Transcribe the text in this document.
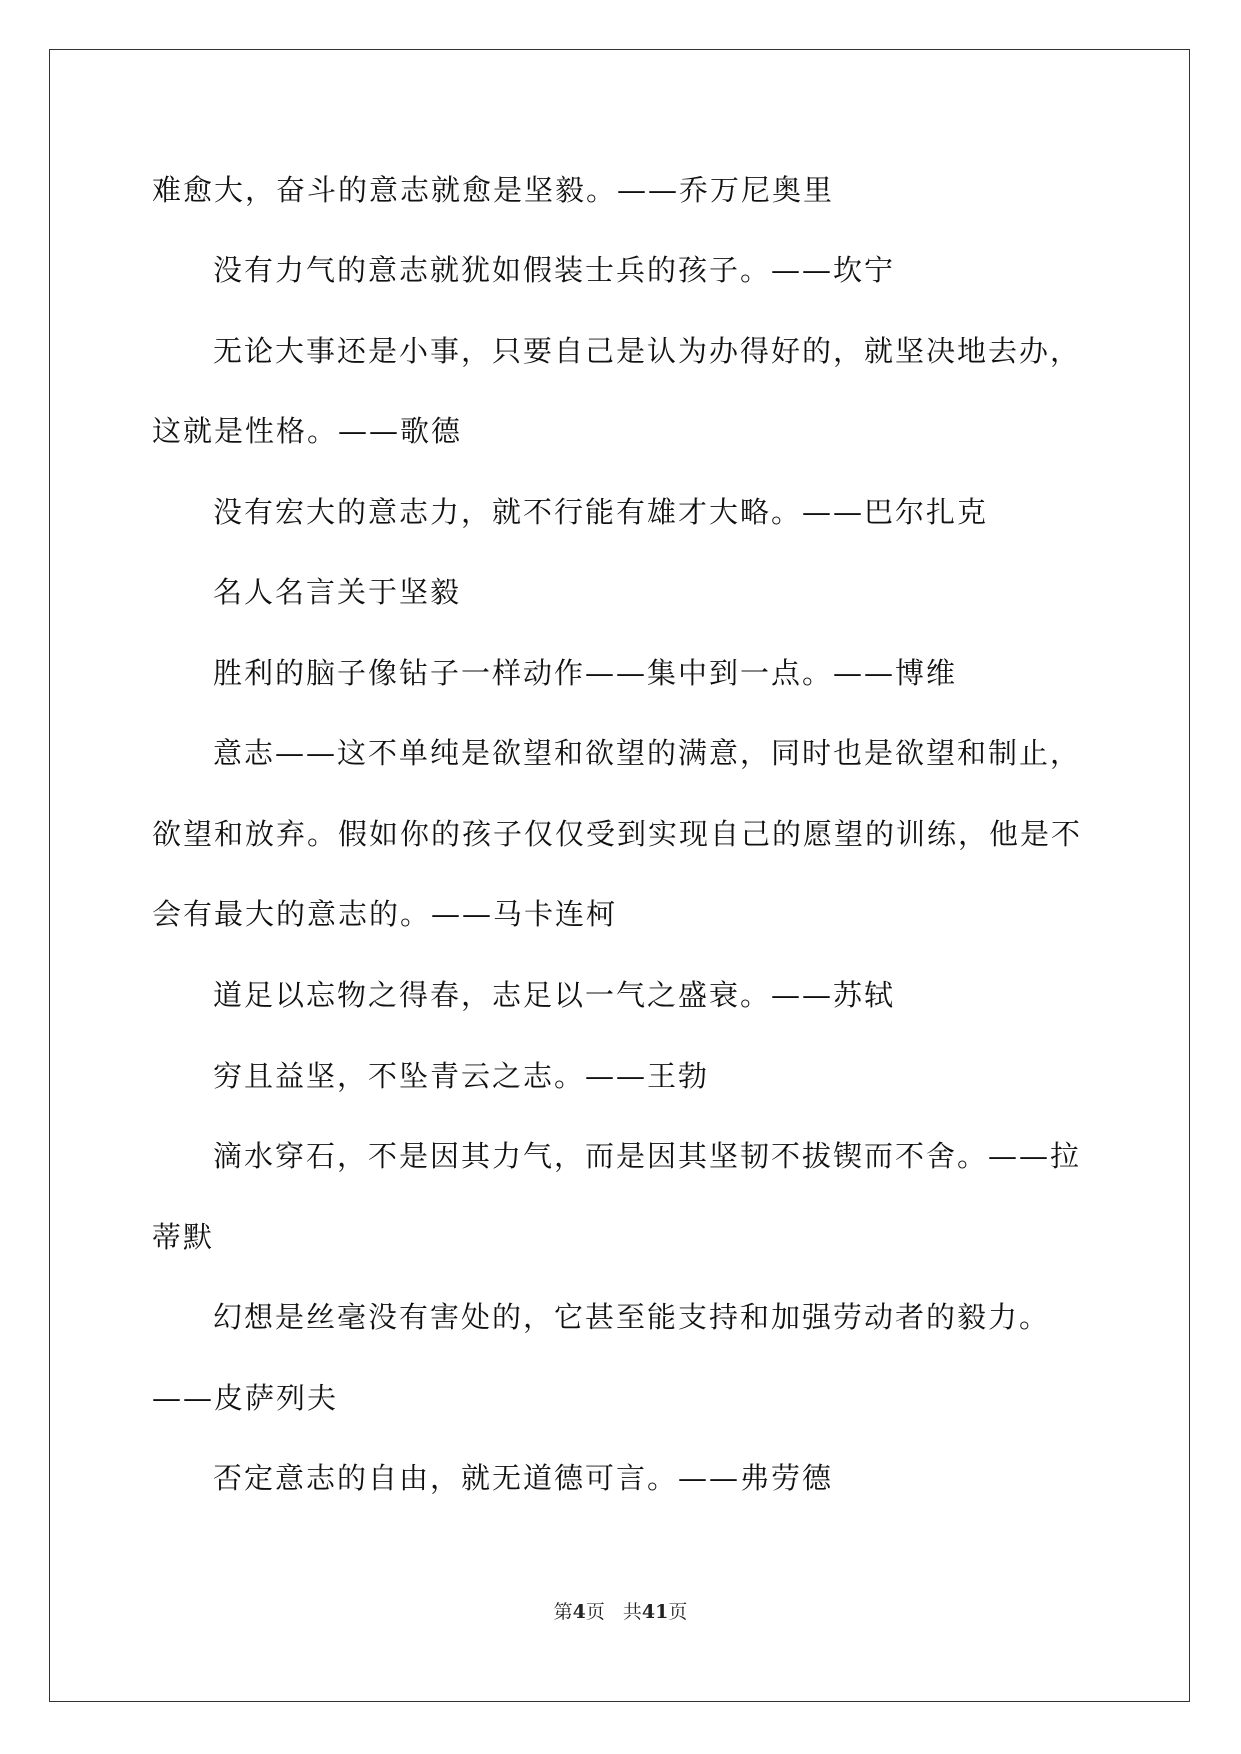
难愈大，奋斗的意志就愈是坚毅。——乔万尼奥里
没有力气的意志就犹如假装士兵的孩子。——坎宁
无论大事还是小事，只要自己是认为办得好的，就坚决地去办，
这就是性格。——歌德
没有宏大的意志力，就不行能有雄才大略。——巴尔扎克
名人名言关于坚毅
胜利的脑子像钻子一样动作——集中到一点。——博维
意志——这不单纯是欲望和欲望的满意，同时也是欲望和制止，
欲望和放弃。假如你的孩子仅仅受到实现自己的愿望的训练，他是不
会有最大的意志的。——马卡连柯
道足以忘物之得春，志足以一气之盛衰。——苏轼
穷且益坚，不坠青云之志。——王勃
滴水穿石，不是因其力气，而是因其坚韧不拔锲而不舍。——拉
蒂默
幻想是丝毫没有害处的，它甚至能支持和加强劳动者的毅力。
——皮萨列夫
否定意志的自由，就无道德可言。——弗劳德
第4页 共41页
